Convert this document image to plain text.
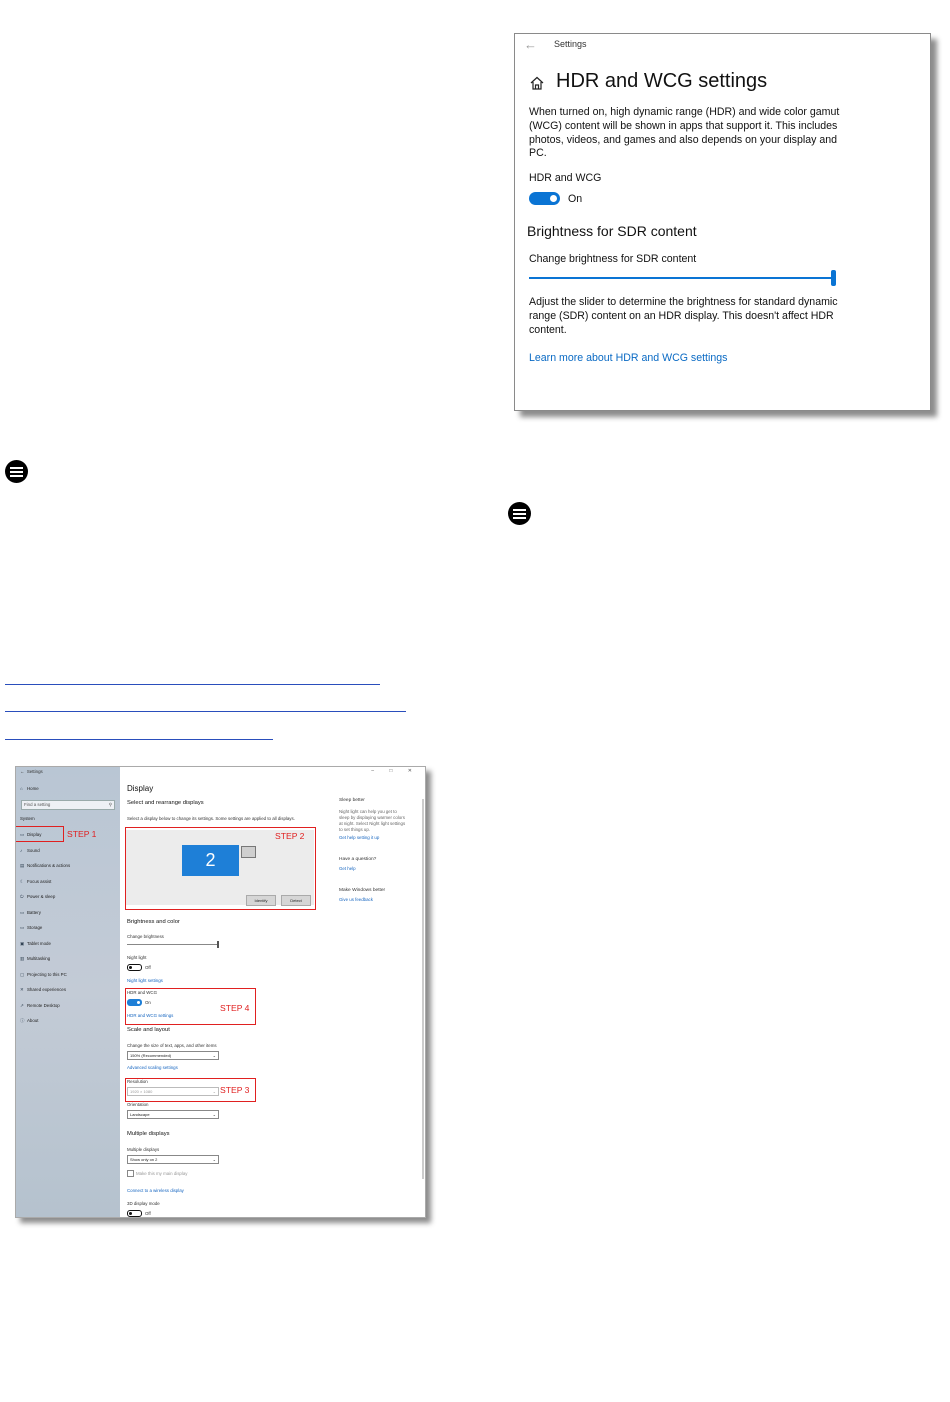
← Settings
HDR and WCG settings
When turned on, high dynamic range (HDR) and wide color gamut (WCG) content will be shown in apps that support it. This includes photos, videos, and games and also depends on your display and PC.
HDR and WCG
On
Brightness for SDR content
Change brightness for SDR content
Adjust the slider to determine the brightness for standard dynamic range (SDR) content on an HDR display. This doesn't affect HDR content.
Learn more about HDR and WCG settings
←  Settings
⌂ Home
Find a setting	⚲
System
▭ Display
♪ Sound
▤ Notifications & actions
☾ Focus assist
⏻ Power & sleep
▭ Battery
▭ Storage
▣ Tablet mode
▥ Multitasking
▢ Projecting to this PC
✕ Shared experiences
↗ Remote Desktop
ⓘ About
– □ ✕
Display
Select and rearrange displays
Select a display below to change its settings. Some settings are applied to all displays.
2
Identify	Detect
Brightness and color
Change brightness
Night light
Off
Night light settings
HDR and WCG
On
HDR and WCG settings
Scale and layout
Change the size of text, apps, and other items
150% (Recommended)	⌄
Advanced scaling settings
Resolution
1920 × 1080	⌄
Orientation
Landscape	⌄
Multiple displays
Multiple displays
Show only on 2	⌄
Make this my main display
Connect to a wireless display
3D display mode
Off
Sleep better
Night light can help you get to
sleep by displaying warmer colors
at night. Select Night light settings
to set things up.
Get help setting it up
Have a question?
Get help
Make Windows better
Give us feedback
STEP 1	STEP 2
STEP 4
STEP 3
